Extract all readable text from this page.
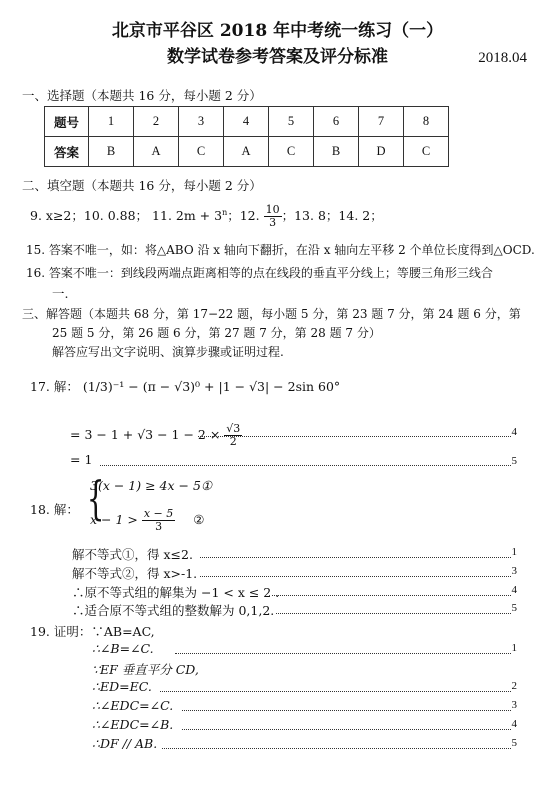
北京市平谷区 2018 年中考统一练习（一）
数学试卷参考答案及评分标准	2018.04
一、选择题（本题共 16 分，每小题 2 分）
题号	1	2	3	4	5	6	7	8
答案	B	A	C	A	C	B	D	C
二、填空题（本题共 16 分，每小题 2 分）
9. x≥2；10. 0.88； 11. $2m + 3^n$；12. $\frac{10}{3}$ ；13. 8；14. 2；
15. 答案不唯一，如：将△ABO 沿 x 轴向下翻折，在沿 x 轴向左平移 2 个单位长度得到△OCD.
16. 答案不唯一：到线段两端点距离相等的点在线段的垂直平分线上；等腰三角形三线合
一.
三、解答题（本题共 68 分，第 17−22 题，每小题 5 分，第 23 题 7 分，第 24 题 6 分，第
25 题 5 分，第 26 题 6 分，第 27 题 7 分，第 28 题 7 分）
解答应写出文字说明、演算步骤或证明过程.
17. 解： (1/3)⁻¹ − (π − √3)⁰ + |1 − √3| − 2sin 60°
= $3 - 1 + √3 - 1 - 2 \times \frac{√3}{2}$	4
= 1	5
18. 解： {
3(x − 1) ≥ 4x − 5①
$x - 1 > \frac{x - 5}{3}$ ②
解不等式①，得 x≤2.	1
解不等式②，得 x>-1.	3
∴原不等式组的解集为 −1 < x ≤ 2 .	4
∴适合原不等式组的整数解为 0,1,2.	5
19. 证明：∵AB=AC,
∴∠B=∠C.	1
∵EF 垂直平分 CD,
∴ED=EC.	2
∴∠EDC=∠C.	3
∴∠EDC=∠B.	4
∴DF // AB.	5
